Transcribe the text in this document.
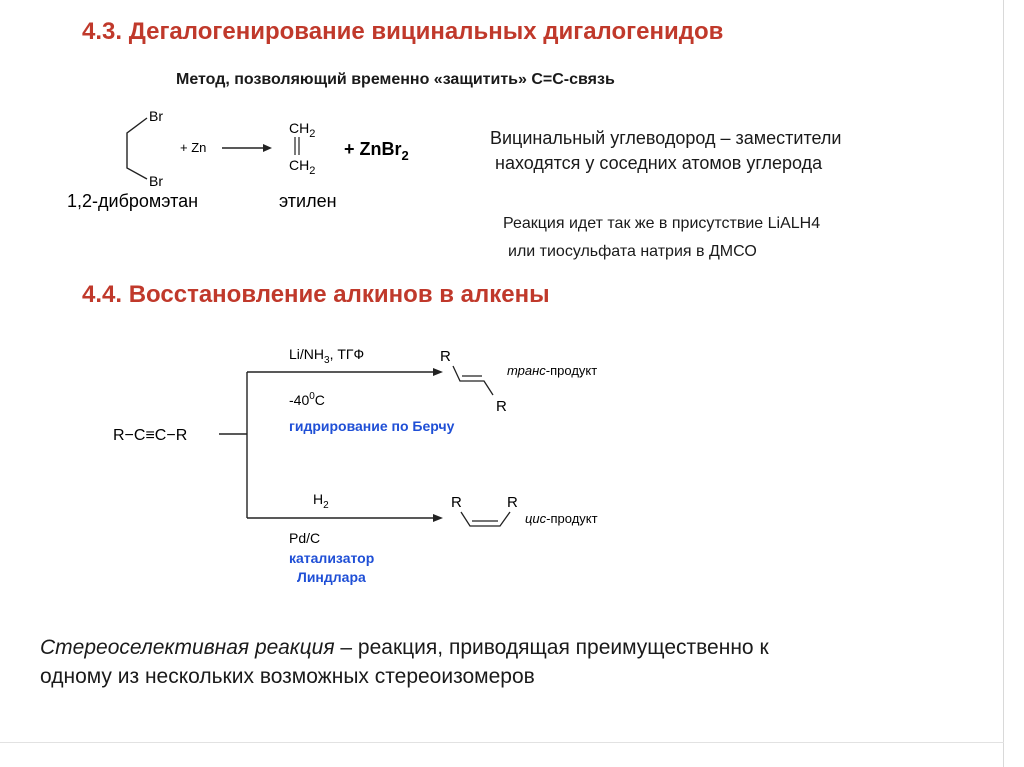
4.3. Дегалогенирование вицинальных дигалогенидов
Метод, позволяющий временно «защитить» С=С-связь
Br
Br
+ Zn
$CH_2$
$CH_2$
+ ZnBr$_2$
1,2-дибромэтан	этилен
Вицинальный углеводород – заместители
находятся у соседних атомов углерода
Реакция идет так же в присутствие LiALH4
или тиосульфата натрия в ДМСО
4.4. Восстановление алкинов в алкены
R−C≡C−R
$Li/NH_3$, ТГФ
$-40^0C$
гидрирование по Берчу
R
R
транс-продукт
$H_2$
Pd/C
катализатор
Линдлара
R	R
цис-продукт
Стереоселективная реакция – реакция, приводящая преимущественно к
одному из нескольких возможных стереоизомеров
